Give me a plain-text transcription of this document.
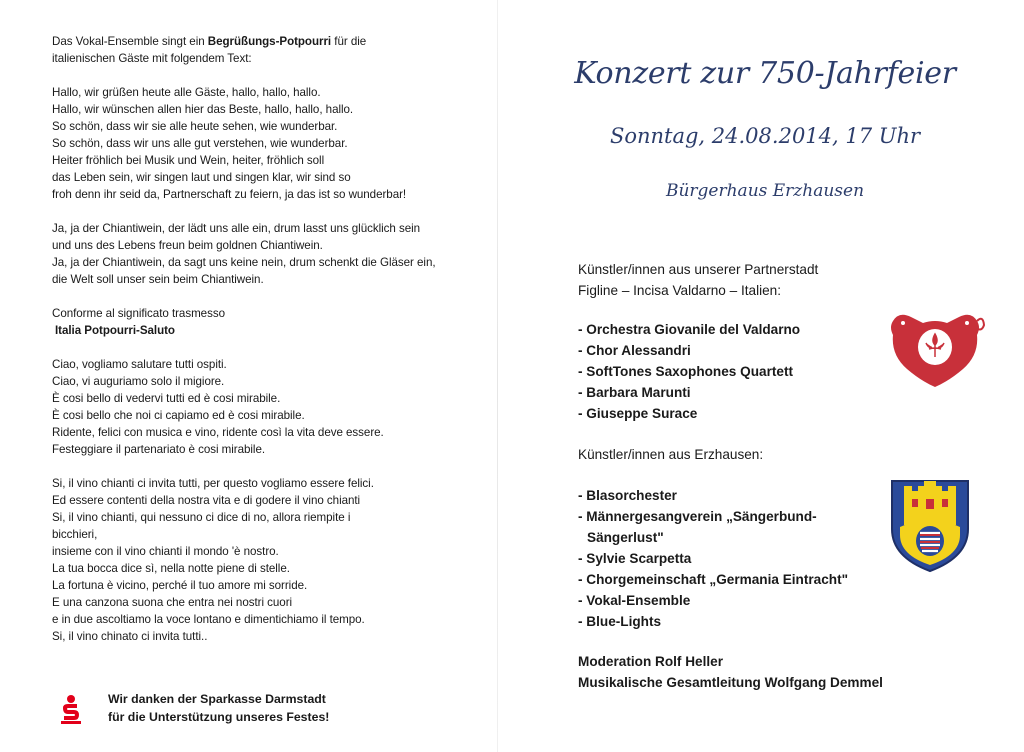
Das Vokal-Ensemble singt ein Begrüßungs-Potpourri für die

italienischen Gäste mit folgendem Text:

Hallo, wir grüßen heute alle Gäste, hallo, hallo, hallo.

Hallo, wir wünschen allen hier das Beste, hallo, hallo, hallo.

So schön, dass wir sie alle heute sehen, wie wunderbar.

So schön, dass wir uns alle gut verstehen, wie wunderbar.

Heiter fröhlich bei Musik und Wein, heiter, fröhlich soll

das Leben sein, wir singen laut und singen klar, wir sind so

froh denn ihr seid da, Partnerschaft zu feiern, ja das ist so wunderbar!

Ja, ja der Chiantiwein, der lädt uns alle ein, drum lasst uns glücklich sein

und uns des Lebens freun beim goldnen Chiantiwein.

Ja, ja der Chiantiwein, da sagt uns keine nein, drum schenkt die Gläser ein,

die Welt soll unser sein beim Chiantiwein.

Conforme al significato trasmesso

Italia Potpourri-Saluto

Ciao, vogliamo salutare tutti ospiti.

Ciao, vi auguriamo solo il migiore.

È cosi bello di vedervi tutti ed è cosi mirabile.

È cosi bello che noi ci capiamo ed è cosi mirabile.

Ridente, felici con musica e vino, ridente così la vita deve essere.

Festeggiare il partenariato è cosi mirabile.

Si, il vino chianti ci invita tutti, per questo vogliamo essere felici.

Ed essere contenti della nostra vita e di godere il vino chianti

Si, il vino chianti, qui nessuno ci dice di no, allora riempite i

bicchieri,

insieme con il vino chianti il mondo 'è nostro.

La tua bocca dice sì, nella notte piene di stelle.

La fortuna è vicino, perché il tuo amore mi sorride.

E una canzona suona che entra nei nostri cuori

e in due ascoltiamo la voce lontano e dimentichiamo il tempo.

Si, il vino chinato ci invita tutti..

Wir danken der Sparkasse Darmstadt
für die Unterstützung unseres Festes!
Konzert zur 750-Jahrfeier
Sonntag, 24.08.2014, 17 Uhr
Bürgerhaus Erzhausen

Künstler/innen aus unserer Partnerstadt

Figline – Incisa Valdarno – Italien:

- Orchestra Giovanile del Valdarno

- Chor Alessandri

- SoftTones Saxophones Quartett

- Barbara Marunti

- Giuseppe Surace

Künstler/innen aus Erzhausen:

- Blasorchester

- Männergesangverein „Sängerbund-

Sängerlust"

- Sylvie Scarpetta

- Chorgemeinschaft „Germania Eintracht"

- Vokal-Ensemble

- Blue-Lights

Moderation Rolf Heller

Musikalische Gesamtleitung Wolfgang Demmel
